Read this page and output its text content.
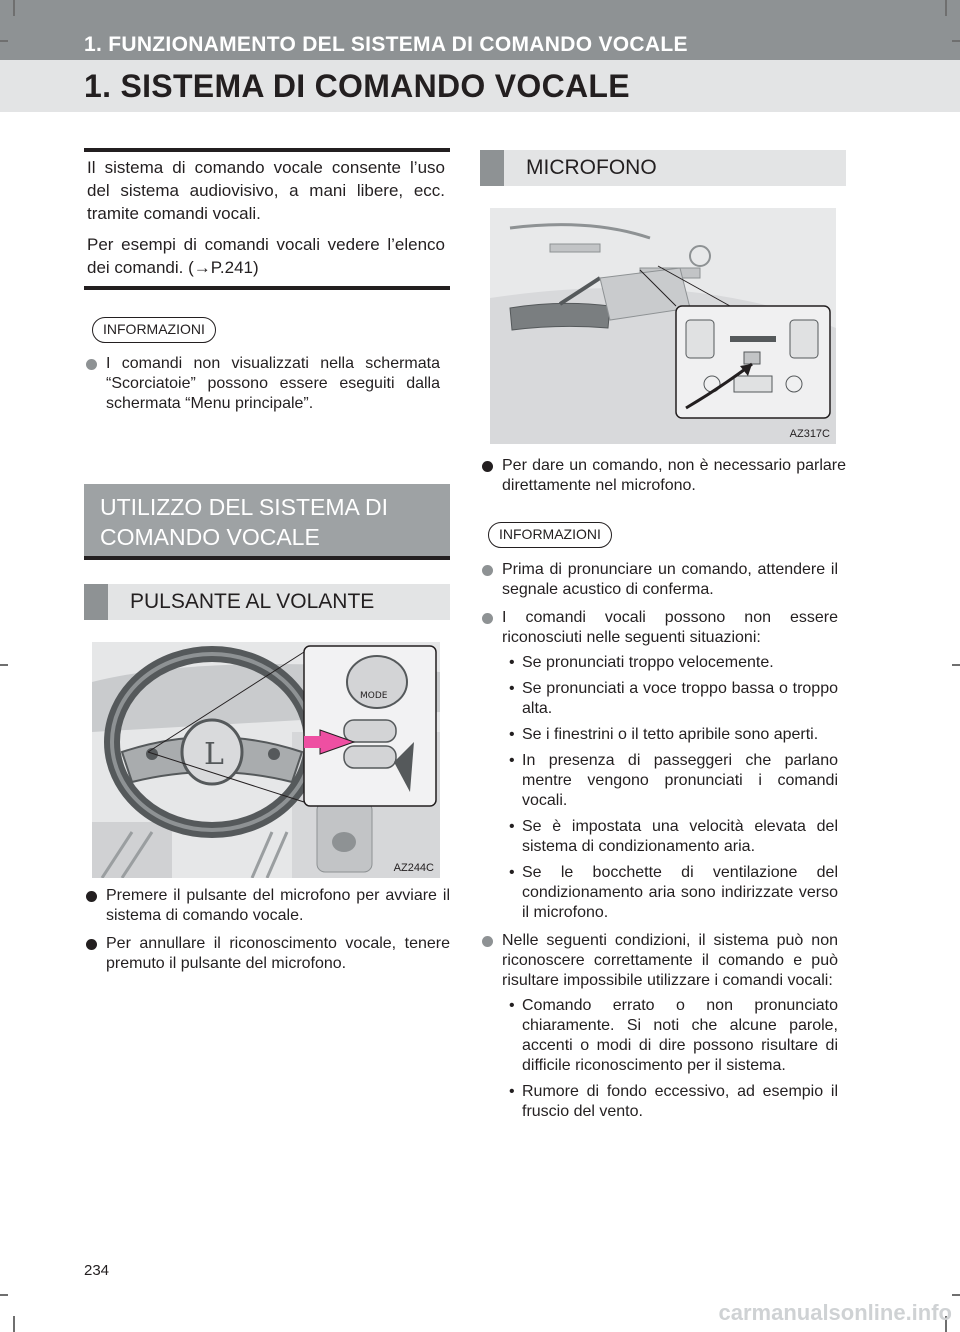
1. FUNZIONAMENTO DEL SISTEMA DI COMANDO VOCALE
1. SISTEMA DI COMANDO VOCALE

Il sistema di comando vocale consente l’uso del sistema audiovisivo, a mani libere, ecc. tramite comandi vocali.

Per esempi di comandi vocali vedere l’elenco dei comandi. (→P.241)

INFORMAZIONI
I comandi non visualizzati nella schermata “Scorciatoie” possono essere eseguiti dalla schermata “Menu principale”.
UTILIZZO DEL SISTEMA DI
COMANDO VOCALE
PULSANTE AL VOLANTE
L
MODE
AZ244C
Premere il pulsante del microfono per avviare il sistema di comando vocale.
Per annullare il riconoscimento vocale, tenere premuto il pulsante del microfono.
MICROFONO
AZ317C
Per dare un comando, non è necessario parlare direttamente nel microfono.
INFORMAZIONI
Prima di pronunciare un comando, attendere il segnale acustico di conferma.
I comandi vocali possono non essere riconosciuti nelle seguenti situazioni:
• Se pronunciati troppo velocemente.
• Se pronunciati a voce troppo bassa o troppo alta.
• Se i finestrini o il tetto apribile sono aperti.
• In presenza di passeggeri che parlano mentre vengono pronunciati i comandi vocali.
• Se è impostata una velocità elevata del sistema di condizionamento aria.
• Se le bocchette di ventilazione del condizionamento aria sono indirizzate verso il microfono.
Nelle seguenti condizioni, il sistema può non riconoscere correttamente il comando e può risultare impossibile utilizzare i comandi vocali:
• Comando errato o non pronunciato chiaramente. Si noti che alcune parole, accenti o modi di dire possono risultare di difficile riconoscimento per il sistema.
• Rumore di fondo eccessivo, ad esempio il fruscio del vento.
234
carmanualsonline.info
